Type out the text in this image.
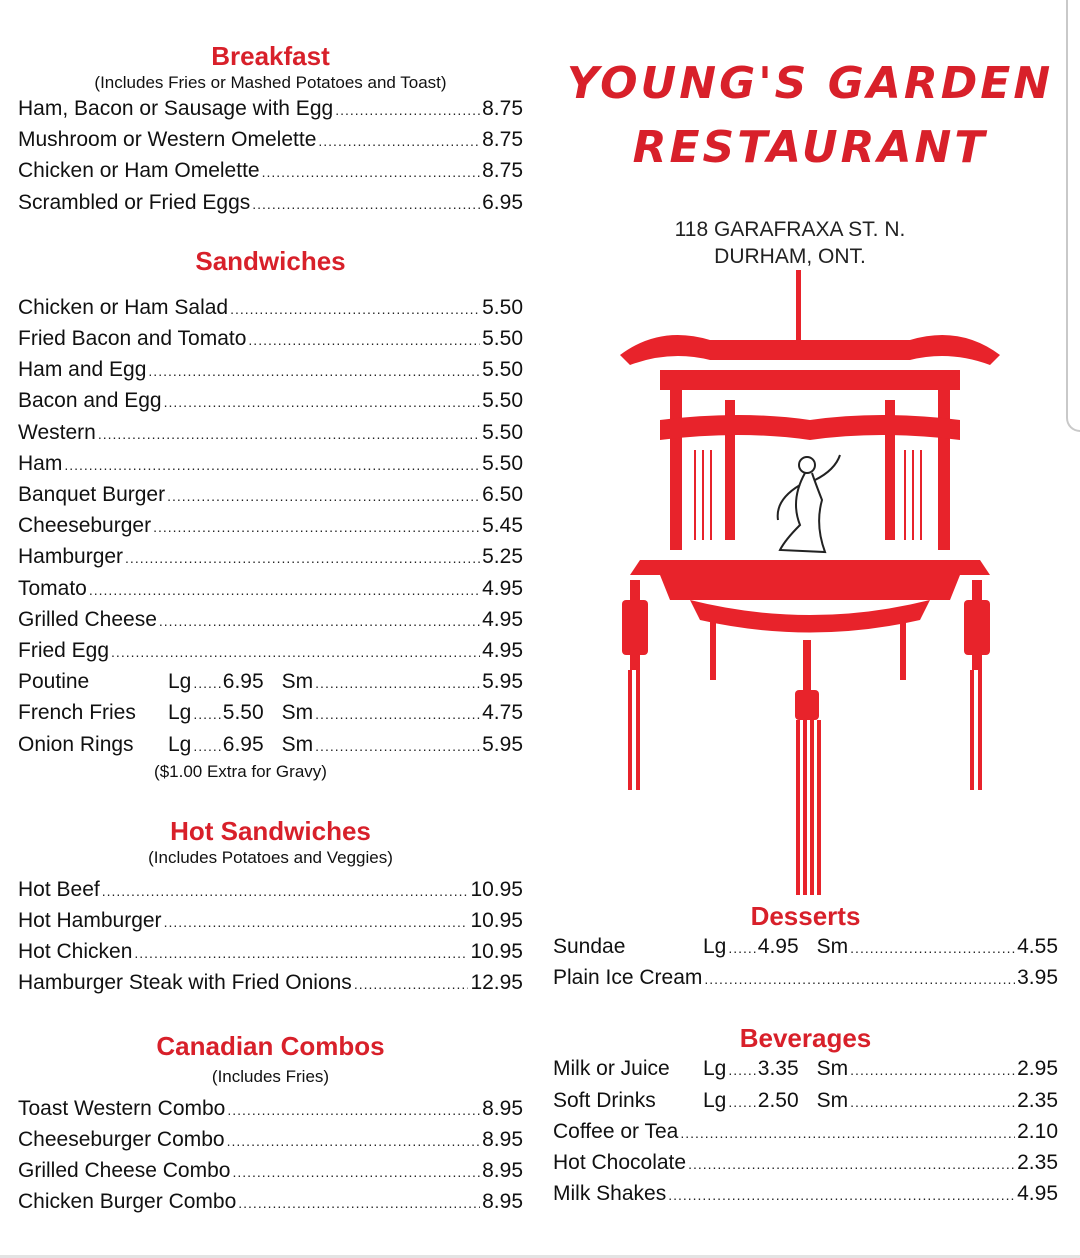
Breakfast

(Includes Fries or Mashed Potatoes and Toast)

Ham, Bacon or Sausage with Egg .....	8.75
Mushroom or Western Omelette .....	8.75
Chicken or Ham Omelette .....	8.75
Scrambled or Fried Eggs .....	6.95
Sandwiches
Chicken or Ham Salad .....	5.50
Fried Bacon and Tomato .....	5.50
Ham and Egg .....	5.50
Bacon and Egg .....	5.50
Western .....	5.50
Ham .....	5.50
Banquet Burger .....	6.50
Cheeseburger .....	5.45
Hamburger .....	5.25
Tomato .....	4.95
Grilled Cheese .....	4.95
Fried Egg .....	4.95
Poutine	Lg ..... 6.95 Sm .....	5.95
French Fries	Lg ..... 5.50 Sm .....	4.75
Onion Rings	Lg ..... 6.95 Sm .....	5.95

($1.00 Extra for Gravy)

Hot Sandwiches

(Includes Potatoes and Veggies)

Hot Beef .....	10.95
Hot Hamburger .....	10.95
Hot Chicken .....	10.95
Hamburger Steak with Fried Onions .....	12.95
Canadian Combos

(Includes Fries)

Toast Western Combo .....	8.95
Cheeseburger Combo .....	8.95
Grilled Cheese Combo .....	8.95
Chicken Burger Combo .....	8.95
YOUNG'S GARDEN
RESTAURANT
118 GARAFRAXA ST. N.
DURHAM, ONT.
Desserts
Sundae	Lg ..... 4.95 Sm .....	4.55
Plain Ice Cream .....	3.95
Beverages
Milk or Juice	Lg ..... 3.35 Sm .....	2.95
Soft Drinks	Lg ..... 2.50 Sm .....	2.35
Coffee or Tea .....	2.10
Hot Chocolate .....	2.35
Milk Shakes .....	4.95
